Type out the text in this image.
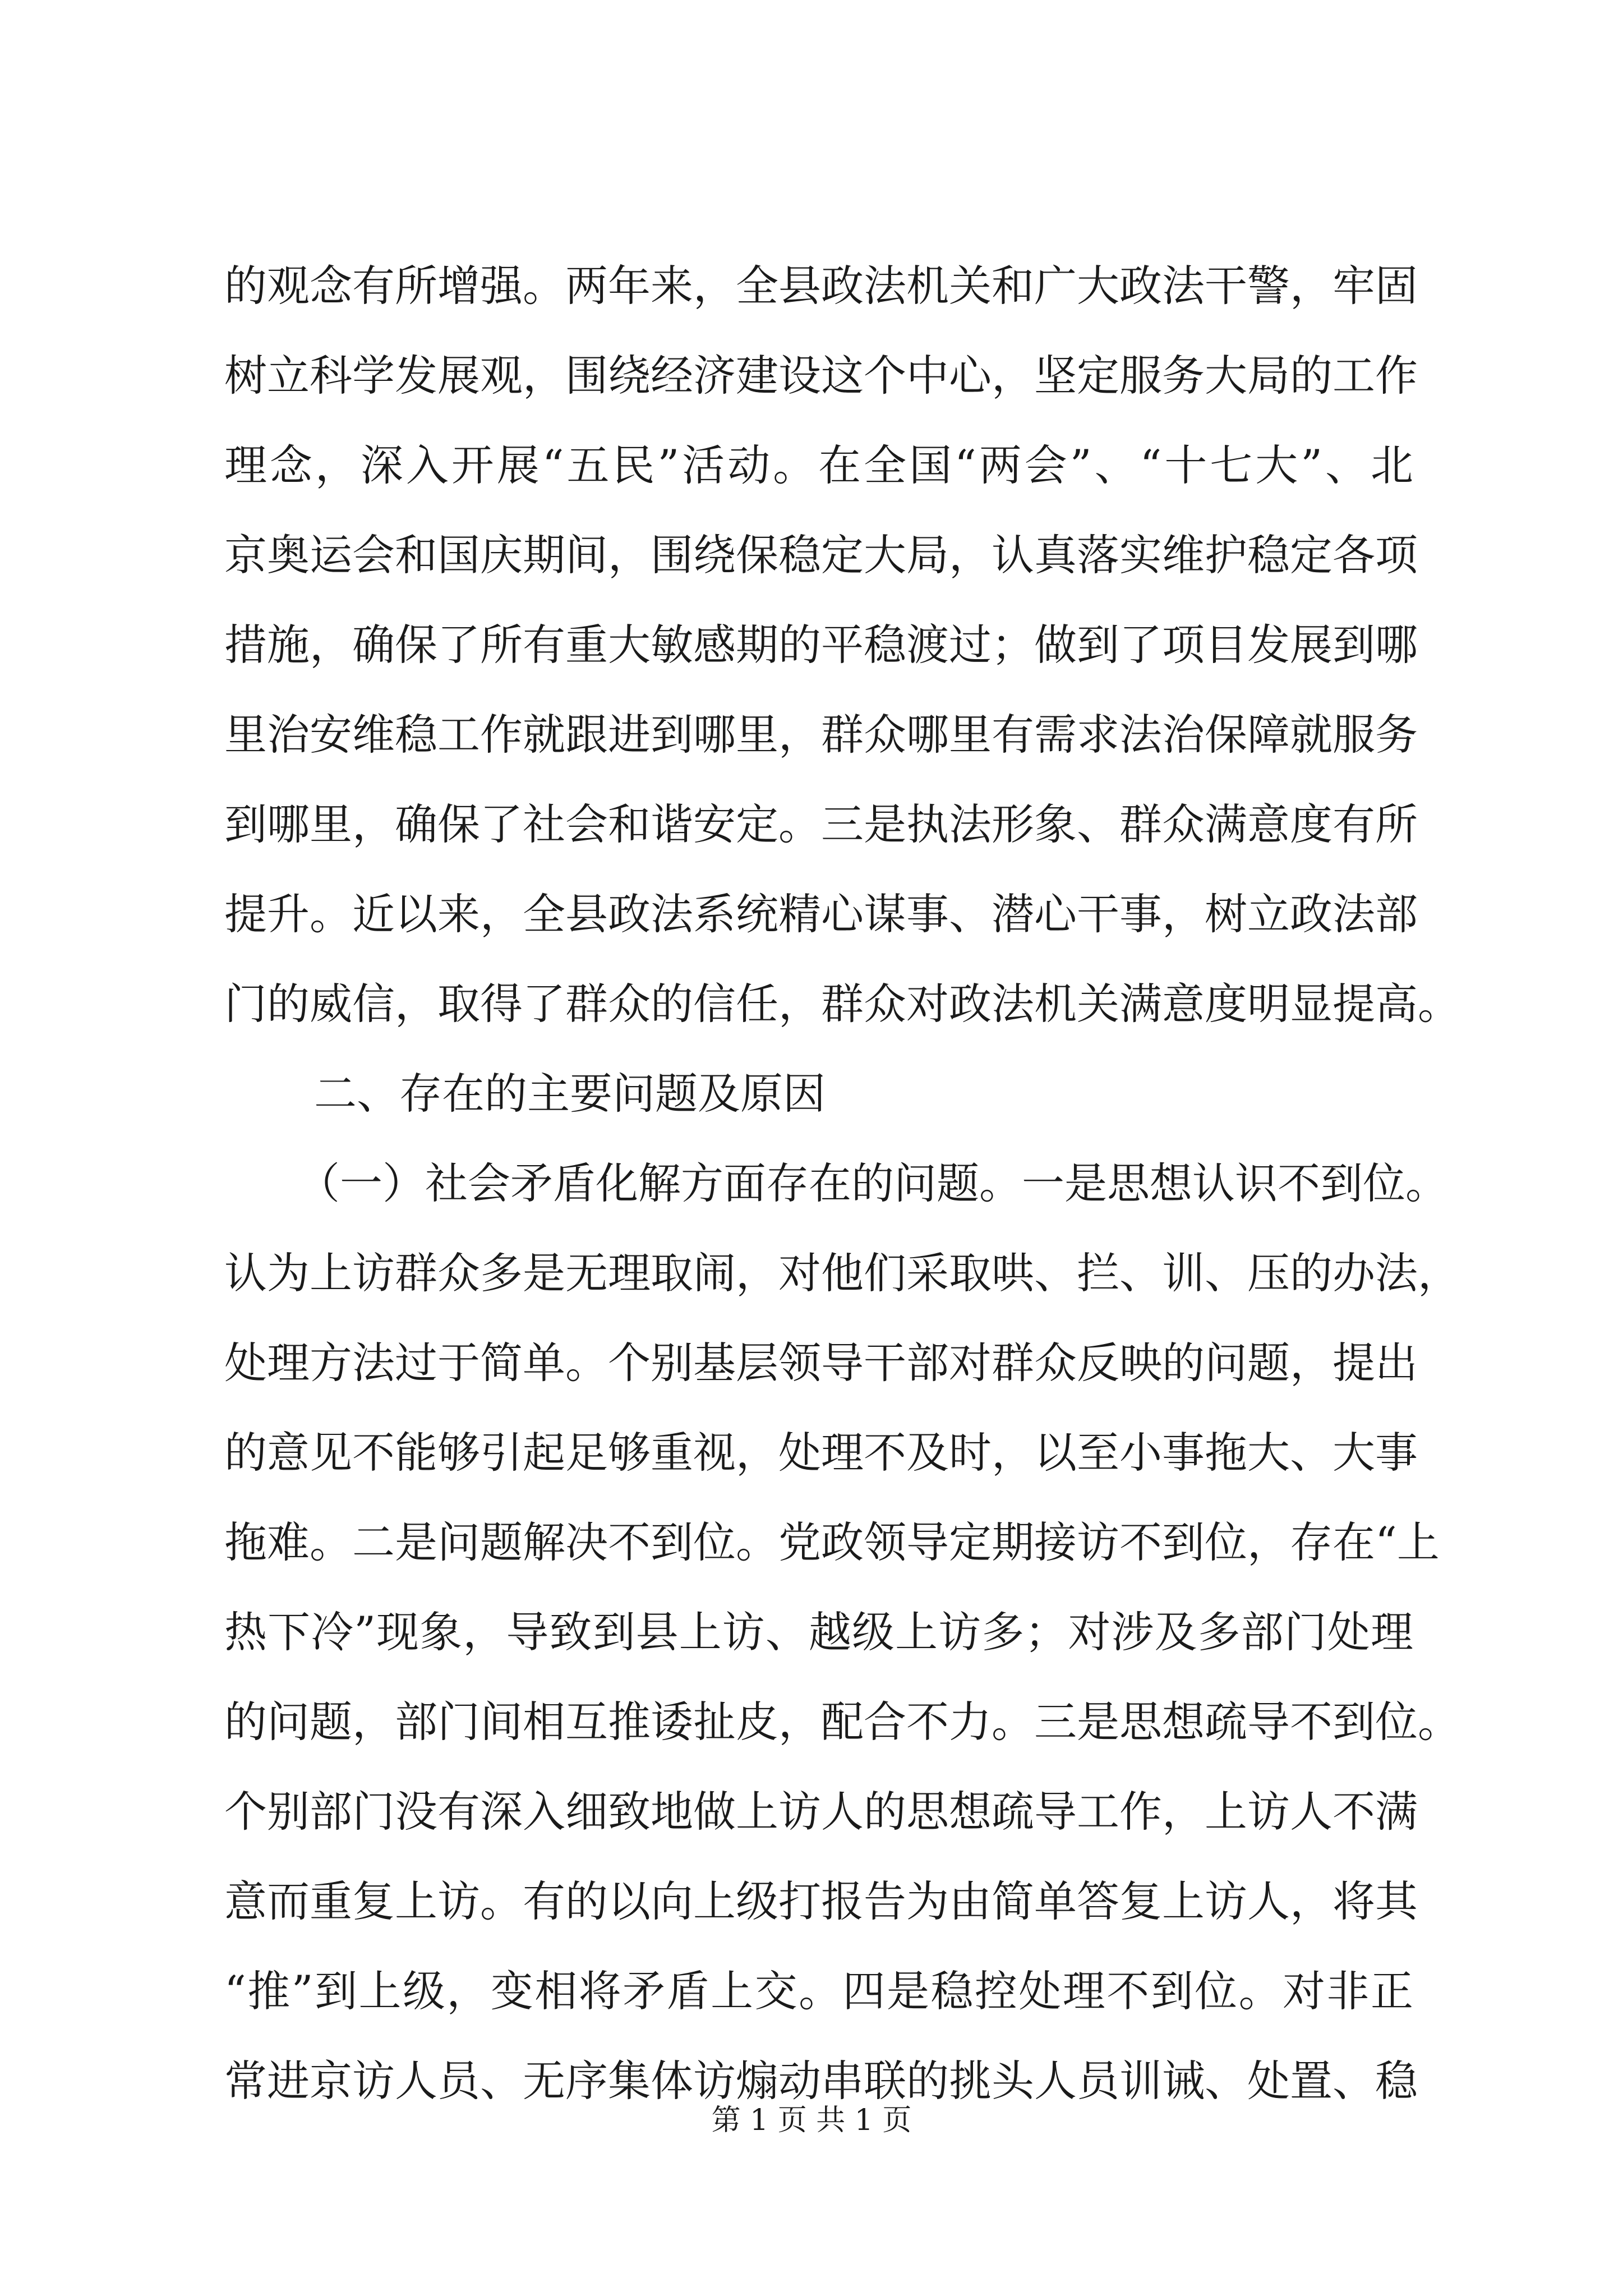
的观念有所增强。两年来，全县政法机关和广大政法干警，牢固
树立科学发展观，围绕经济建设这个中心，坚定服务大局的工作
理念，深入开展“五民”活动。在全国“两会”、“十七大”、北
京奥运会和国庆期间，围绕保稳定大局，认真落实维护稳定各项
措施，确保了所有重大敏感期的平稳渡过；做到了项目发展到哪
里治安维稳工作就跟进到哪里，群众哪里有需求法治保障就服务
到哪里，确保了社会和谐安定。三是执法形象、群众满意度有所
提升。近以来，全县政法系统精心谋事、潜心干事，树立政法部
门的威信，取得了群众的信任，群众对政法机关满意度明显提高。
二、存在的主要问题及原因
（一）社会矛盾化解方面存在的问题。一是思想认识不到位。
认为上访群众多是无理取闹，对他们采取哄、拦、训、压的办法，
处理方法过于简单。个别基层领导干部对群众反映的问题，提出
的意见不能够引起足够重视，处理不及时，以至小事拖大、大事
拖难。二是问题解决不到位。党政领导定期接访不到位，存在“上
热下冷”现象，导致到县上访、越级上访多；对涉及多部门处理
的问题，部门间相互推诿扯皮，配合不力。三是思想疏导不到位。
个别部门没有深入细致地做上访人的思想疏导工作，上访人不满
意而重复上访。有的以向上级打报告为由简单答复上访人，将其
“推”到上级，变相将矛盾上交。四是稳控处理不到位。对非正
常进京访人员、无序集体访煽动串联的挑头人员训诫、处置、稳
第 1 页 共 1 页
